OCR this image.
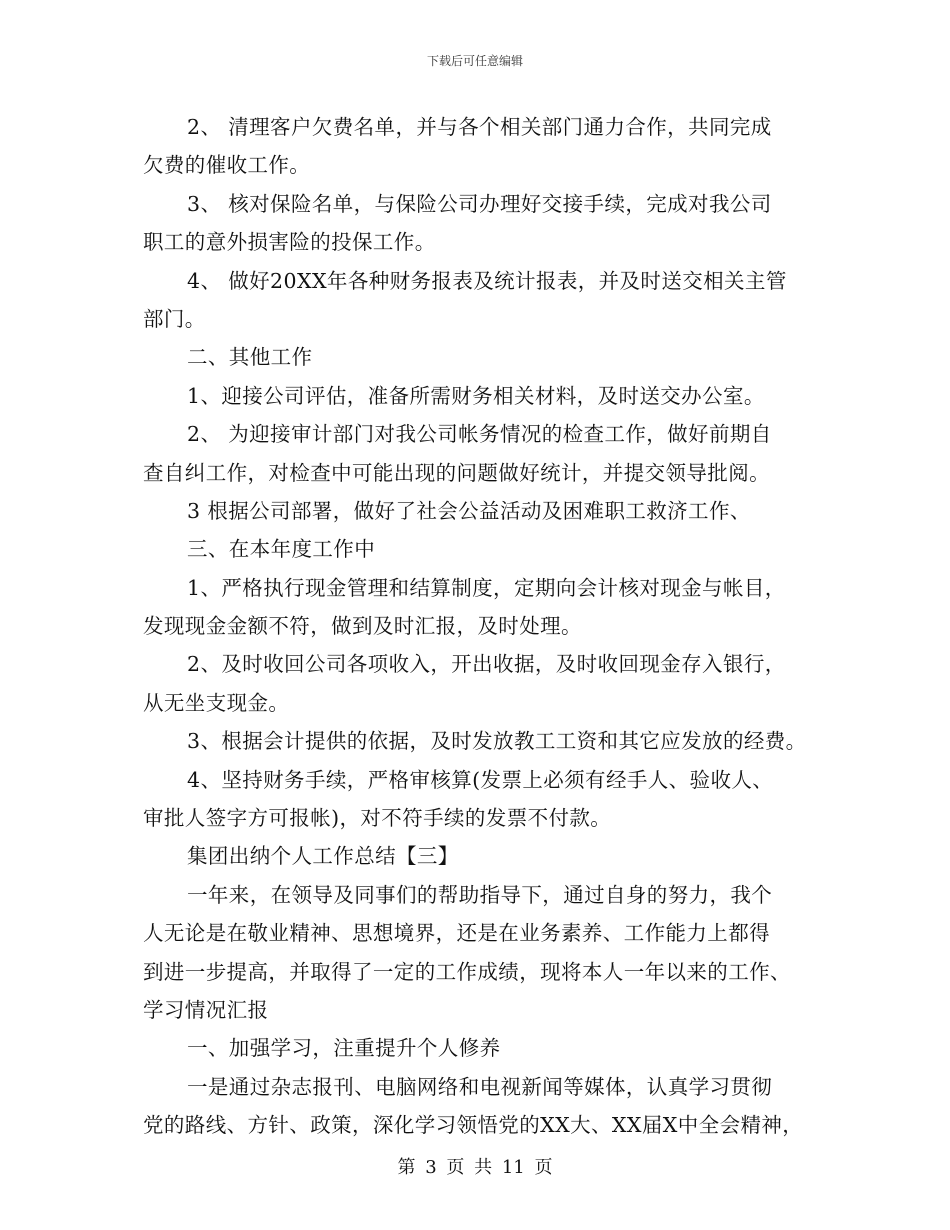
下载后可任意编辑
2、 清理客户欠费名单，并与各个相关部门通力合作，共同完成
欠费的催收工作。
3、 核对保险名单，与保险公司办理好交接手续，完成对我公司
职工的意外损害险的投保工作。
4、 做好20XX年各种财务报表及统计报表，并及时送交相关主管
部门。
二、其他工作
1、迎接公司评估，准备所需财务相关材料，及时送交办公室。
2、 为迎接审计部门对我公司帐务情况的检查工作，做好前期自
查自纠工作，对检查中可能出现的问题做好统计，并提交领导批阅。
3 根据公司部署，做好了社会公益活动及困难职工救济工作、
三、在本年度工作中
1、严格执行现金管理和结算制度，定期向会计核对现金与帐目，
发现现金金额不符，做到及时汇报，及时处理。
2、及时收回公司各项收入，开出收据，及时收回现金存入银行，
从无坐支现金。
3、根据会计提供的依据，及时发放教工工资和其它应发放的经费。
4、坚持财务手续，严格审核算(发票上必须有经手人、验收人、
审批人签字方可报帐)，对不符手续的发票不付款。
集团出纳个人工作总结【三】
一年来，在领导及同事们的帮助指导下，通过自身的努力，我个
人无论是在敬业精神、思想境界，还是在业务素养、工作能力上都得
到进一步提高，并取得了一定的工作成绩，现将本人一年以来的工作、
学习情况汇报
一、加强学习，注重提升个人修养
一是通过杂志报刊、电脑网络和电视新闻等媒体，认真学习贯彻
党的路线、方针、政策，深化学习领悟党的XX大、XX届X中全会精神，
第 3 页 共 11 页
